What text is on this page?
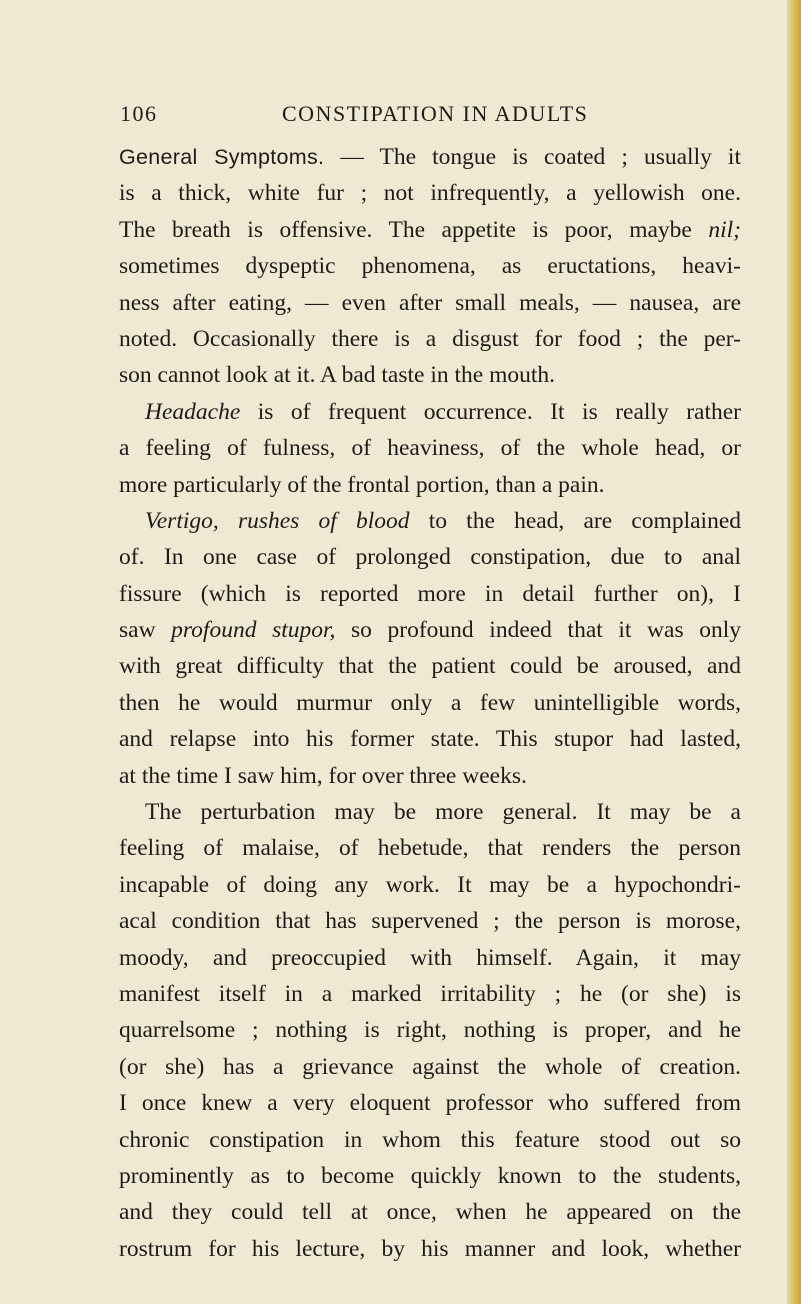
106	CONSTIPATION IN ADULTS
General Symptoms. — The tongue is coated ; usually it
is a thick, white fur ; not infrequently, a yellowish one.
The breath is offensive. The appetite is poor, maybe nil;
sometimes dyspeptic phenomena, as eructations, heavi-
ness after eating, — even after small meals, — nausea, are
noted. Occasionally there is a disgust for food ; the per-
son cannot look at it. A bad taste in the mouth.
Headache is of frequent occurrence. It is really rather
a feeling of fulness, of heaviness, of the whole head, or
more particularly of the frontal portion, than a pain.
Vertigo, rushes of blood to the head, are complained
of. In one case of prolonged constipation, due to anal
fissure (which is reported more in detail further on), I
saw profound stupor, so profound indeed that it was only
with great difficulty that the patient could be aroused, and
then he would murmur only a few unintelligible words,
and relapse into his former state. This stupor had lasted,
at the time I saw him, for over three weeks.
The perturbation may be more general. It may be a
feeling of malaise, of hebetude, that renders the person
incapable of doing any work. It may be a hypochondri-
acal condition that has supervened ; the person is morose,
moody, and preoccupied with himself. Again, it may
manifest itself in a marked irritability ; he (or she) is
quarrelsome ; nothing is right, nothing is proper, and he
(or she) has a grievance against the whole of creation.
I once knew a very eloquent professor who suffered from
chronic constipation in whom this feature stood out so
prominently as to become quickly known to the students,
and they could tell at once, when he appeared on the
rostrum for his lecture, by his manner and look, whether
